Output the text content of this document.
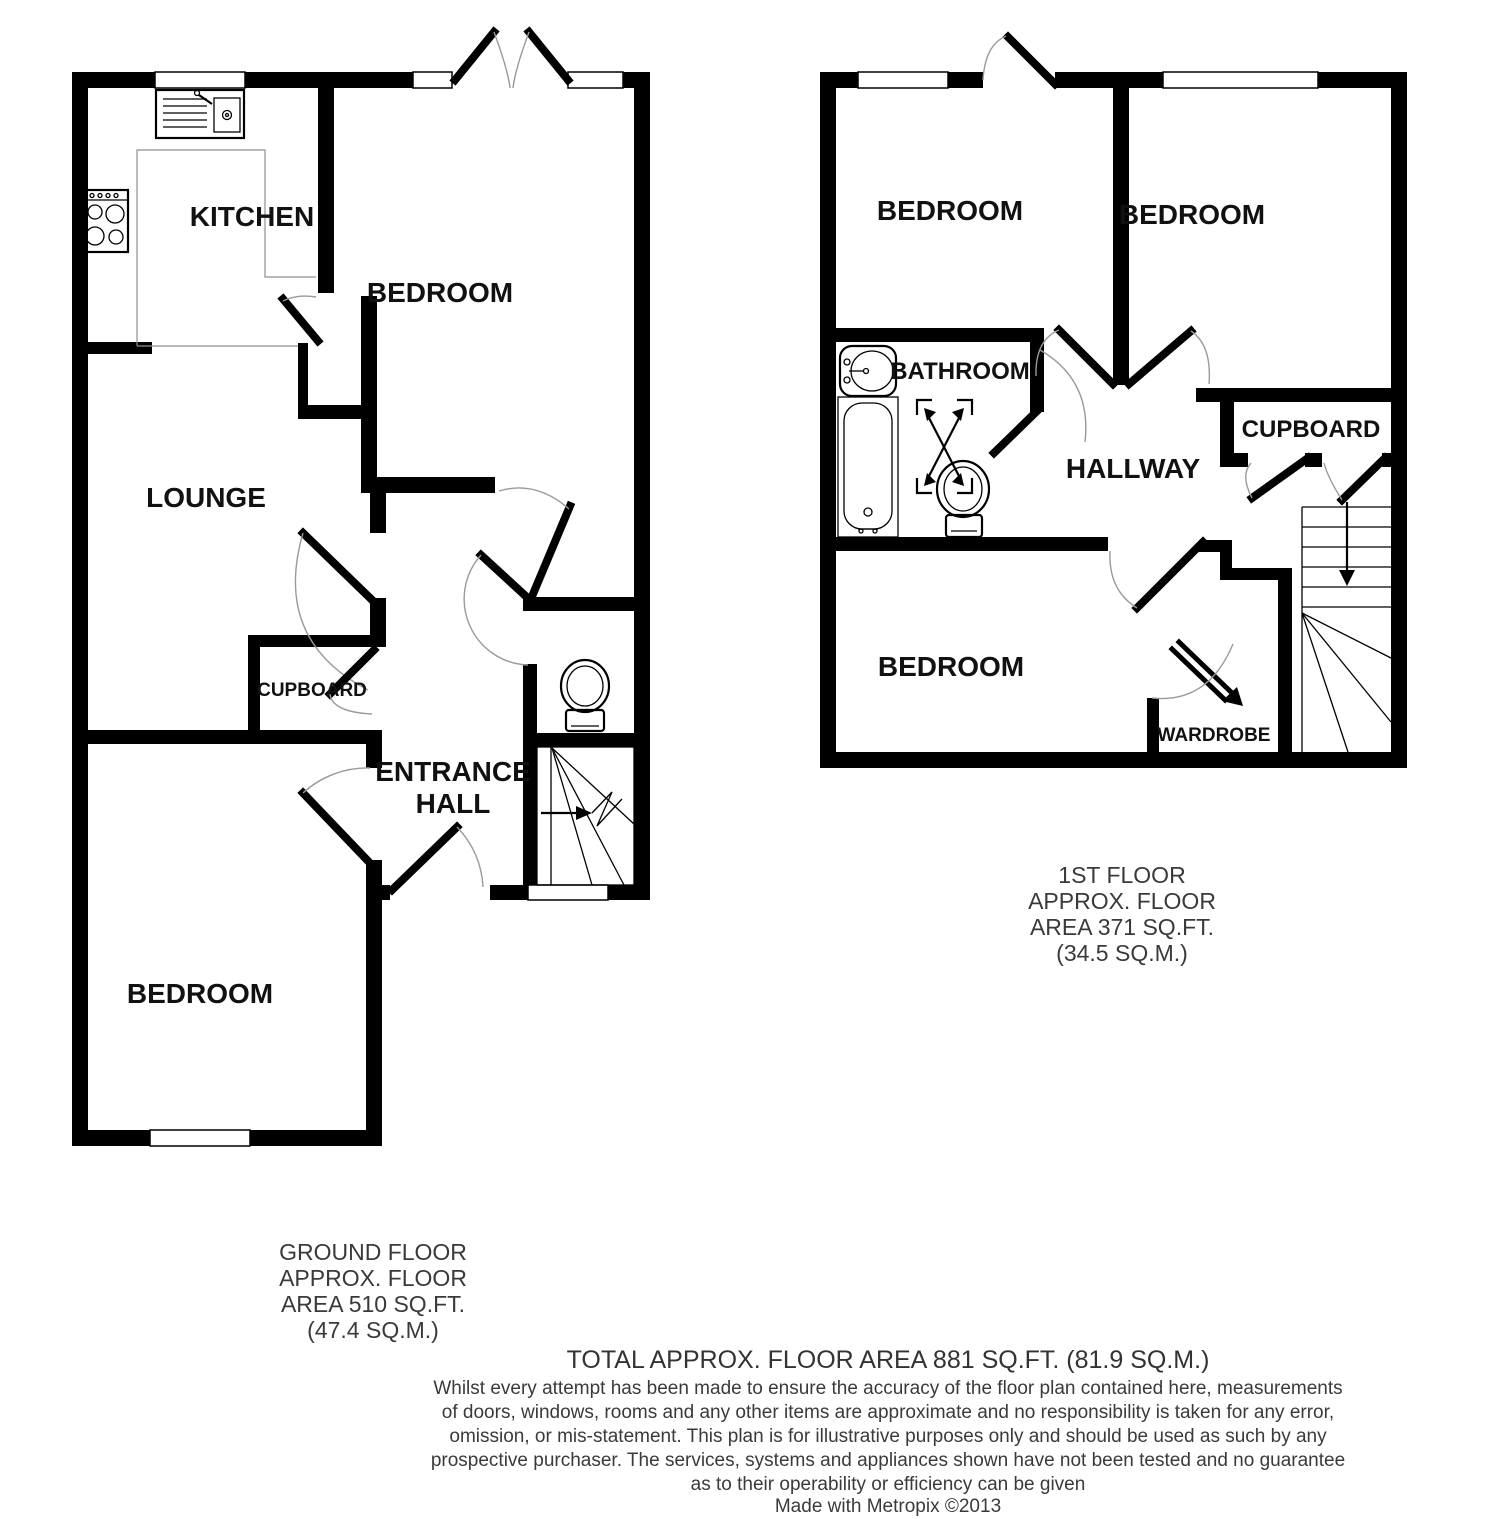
KITCHEN
BEDROOM
LOUNGE
CUPBOARD
ENTRANCE
HALL
BEDROOM
BEDROOM	BEDROOM
BATHROOM
HALLWAY
CUPBOARD
BEDROOM
WARDROBE
1ST FLOOR
APPROX. FLOOR
AREA 371 SQ.FT.
(34.5 SQ.M.)
GROUND FLOOR
APPROX. FLOOR
AREA 510 SQ.FT.
(47.4 SQ.M.)
TOTAL APPROX. FLOOR AREA 881 SQ.FT. (81.9 SQ.M.)
Whilst every attempt has been made to ensure the accuracy of the floor plan contained here, measurements
of doors, windows, rooms and any other items are approximate and no responsibility is taken for any error,
omission, or mis-statement. This plan is for illustrative purposes only and should be used as such by any
prospective purchaser. The services, systems and appliances shown have not been tested and no guarantee
as to their operability or efficiency can be given
Made with Metropix ©2013
